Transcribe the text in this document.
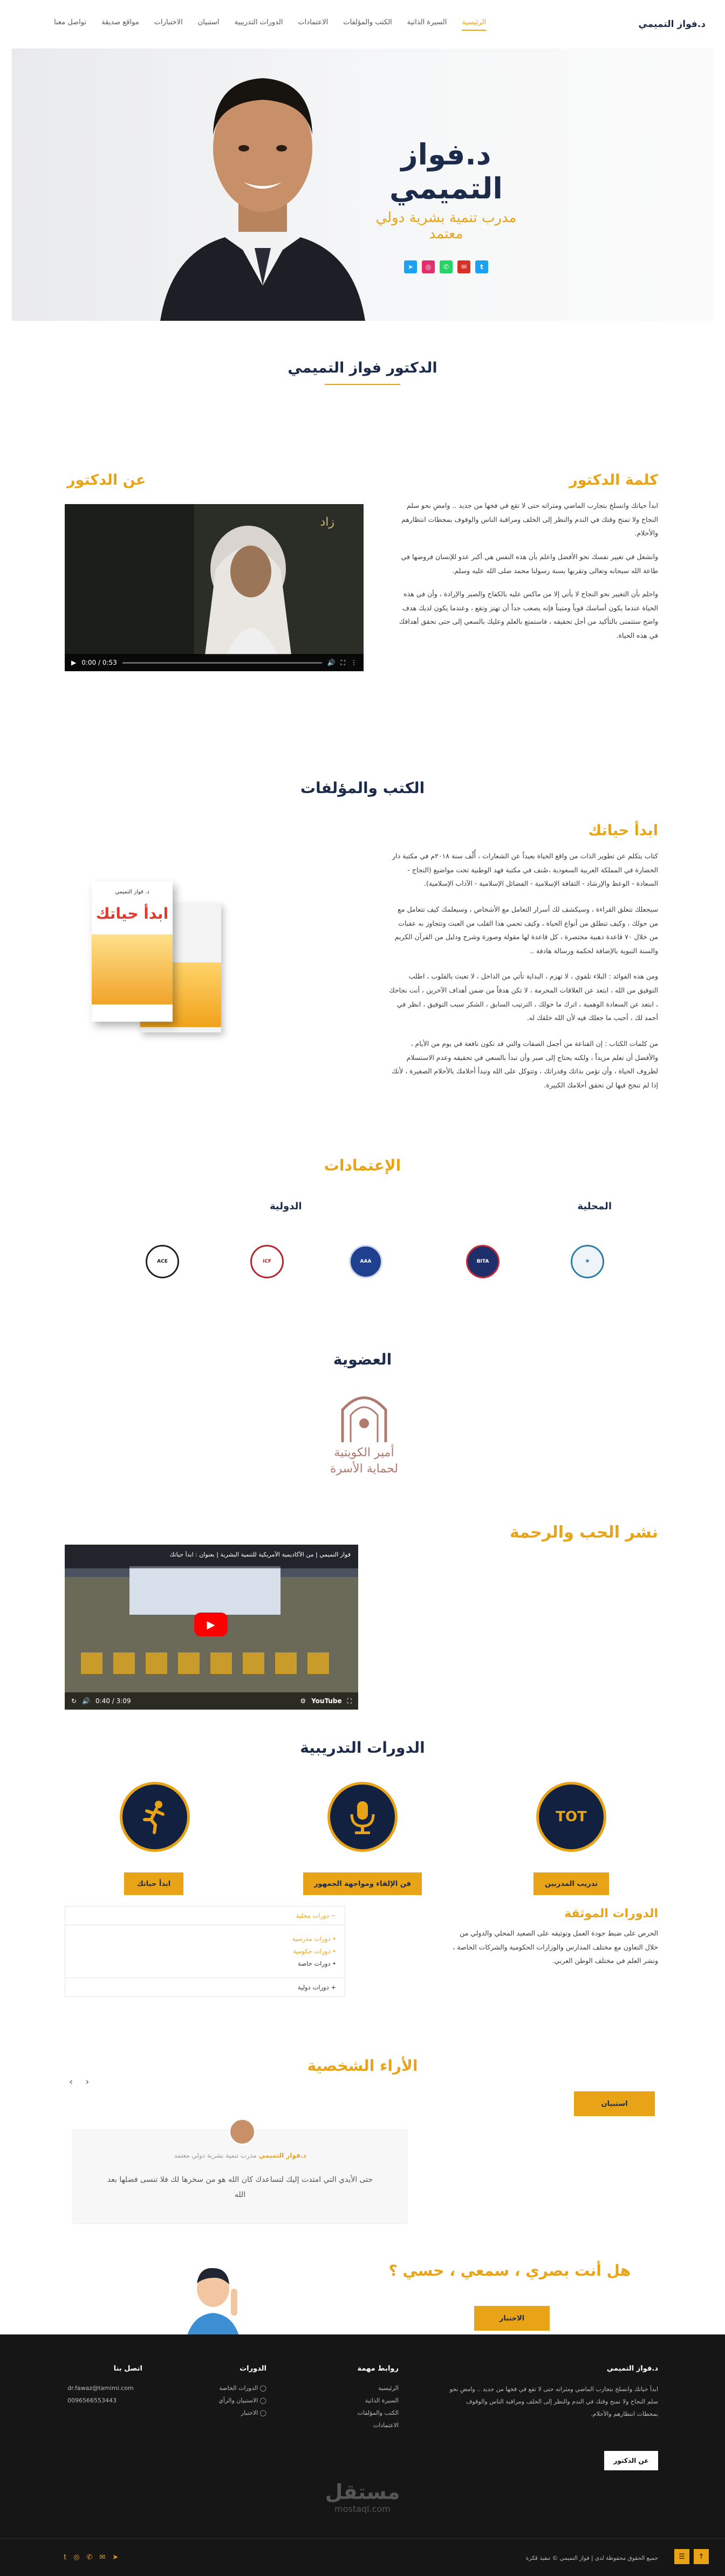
د.فواز التميمي
الرئيسية
السيرة الذاتية
الكتب والمؤلفات
الاعتمادات
الدورات التدريبية
استبيان
الاختبارات
مواقع صديقة
تواصل معنا
د.فواز التميمي
مدرب تنمية بشرية دولي معتمد
➤	◎	✆	✉	t
الدكتور فواز التميمي
كلمة الدكتور
عن الدكتور

ابدأ حياتك وانسلخ بتجارب الماضي ومثراته حتى لا تقع في فخها من جديد .. وامضِ نحو سلم النجاح ولا تمنح وقتك في الندم والنظر إلى الخلف ومراقبة الناس والوقوف بمحطات انتظارهم والأحلام.

وانشغل في تغيير نفسك نحو الأفضل واعلم بأن هذه النفس هي أكبر عدو للإنسان فروضها في طاعة الله سبحانه وتعالى وتقربها بسنة رسولنا محمد صلى الله عليه وسلم.

واحلم بأن التغيير نحو النجاح لا يأتي إلا من ماكس عليه بالكفاح والصبر والإرادة ، وأن في هذه الحياة عندما يكون أساسك قوياً ومتيناً فإنه يصعب جداً أن تهتز وتقع ، وعندما يكون لديك هدف واضح ستتمنى بالتأكيد من أجل تحقيقه ، فاستمتع بالعلم وعليك بالسعي إلى حتى تحقق أهدافك في هذه الحياة.

زاد
▶ 0:00 / 0:53	🔊 ⛶ ⋮
الكتب والمؤلفات
ابدأ حياتك

كتاب يتكلم عن تطوير الذات من واقع الحياة بعيداً عن الشعارات ، أُلّف سنة ٢٠١٨م في مكتبة دار الحضارة في المملكة العربية السعودية ،صُنف في مكتبة فهد الوطنية تحت مواضيع (النجاح - السعادة - الوعظ والإرشاد - الثقافة الإسلامية - الفضائل الإسلامية - الآداب الإسلامية).

سيجعلك تتعلق القراءة ، وسيكشف لك أسرار التعامل مع الأشخاص ، وسيعلمك كيف تتعامل مع من حولك ، وكيف تنطلق من أنواع الحياة ، وكيف تحمي هذا القلب من العبث وتتجاوز به عقبات من خلال ٧٠ قاعدة ذهبية مختصرة ، كل قاعدة لها مقولة وصورة وشرح ودليل من القرآن الكريم والسنة النبوية بالإضافة لحكمة ورسالة هادفة ..

ومن هذه الفوائد : البلاء تلقوي ، لا تهزم ، البداية تأتي من الداخل ، لا تعبث بالقلوب ، اطلب التوفيق من الله ، ابتعد عن العلاقات المحرمة ، لا تكن هدفاً من ضمن أهداف الآخرين ، أنت نجاحك ، ابتعد عن السعادة الوهمية ، اترك ما حولك ، الترتيب السابق ، الشكر سبب التوفيق ، انظر في أحمد لك ، أحبب ما جعلك فيه لأن الله خلقك له.

من كلمات الكتاب : إن القناعة من أجمل الصفات والتي قد تكون نافعة في يوم من الأيام ، والأفضل أن تعلم مزيداً ، ولكنه يحتاج إلى صبر وأن تبدأ بالسعي في تحقيقه وعدم الاستسلام لظروف الحياة ، وأن تؤمن بذاتك وقدراتك ، وتتوكل على الله وتبدأ أحلامك بالأحلام الصغيرة ، لأنك إذا لم تنجح فيها لن تحقق أحلامك الكبيرة.

د. فواز التميمي
ابدأ حياتك
الإعتمادات
المحلية
الدولية
✺
BITA
AAA
ICF
ACE
العضوية
أمير الكويتية
لحماية الأسرة
نشر الحب والرحمة
فواز التميمي | من الأكاديمية الأمريكية للتنمية البشرية | بعنوان : ابدأ حياتك
▶
↻ 🔊 0:40 / 3:09	⚙ YouTube ⛶
الدورات التدريبية
TOT
تدريب المدربين
فن الإلقاء ومواجهة الجمهور
ابدأ حياتك
الدورات الموثقة
الحرص على ضبط جودة العمل وتوثيقه على الصعيد المحلي والدولي من خلال التعاون مع مختلف المدارس والوزارات الحكومية والشركات الخاصة ، ونشر العلم في مختلف الوطن العربي.
− دورات محلية
• دورات مدرسية
• دورات حكومية
• دورات خاصة
+ دورات دولية
الأراء الشخصية
‹ ›
استبيان
د.فواز التميمي مدرب تنمية بشرية دولي معتمد
حتى الأيدي التي امتدت إليك لتساعدك كان الله هو من سخرها لك فلا تنسى فضلها بعد الله
هل أنت بصري ، سمعي ، حسي ؟
الاختبار
د.فواز التميمي
ابدأ حياتك وانسلخ بتجارب الماضي ومثراته حتى لا تقع في فخها من جديد .. وامضِ نحو سلم النجاح ولا تمنح وقتك في الندم والنظر إلى الخلف ومراقبة الناس والوقوف بمحطات انتظارهم والأحلام.
عن الدكتور
روابط مهمة
الرئيسية
السيرة الذاتية
الكتب والمؤلفات
الاعتمادات
الدورات
◯ الدورات الخاصة
◯ الاستبيان والرأي
◯ الاختبار
اتصل بنا
dr.fawaz@tamimi.com
0096566553443
مستقل
mostaql.com
جميع الحقوق محفوظة لدى | فواز التميمي © تنفيذ ڤكرة
t ◎ ✆ ✉ ➤	↑
☰
